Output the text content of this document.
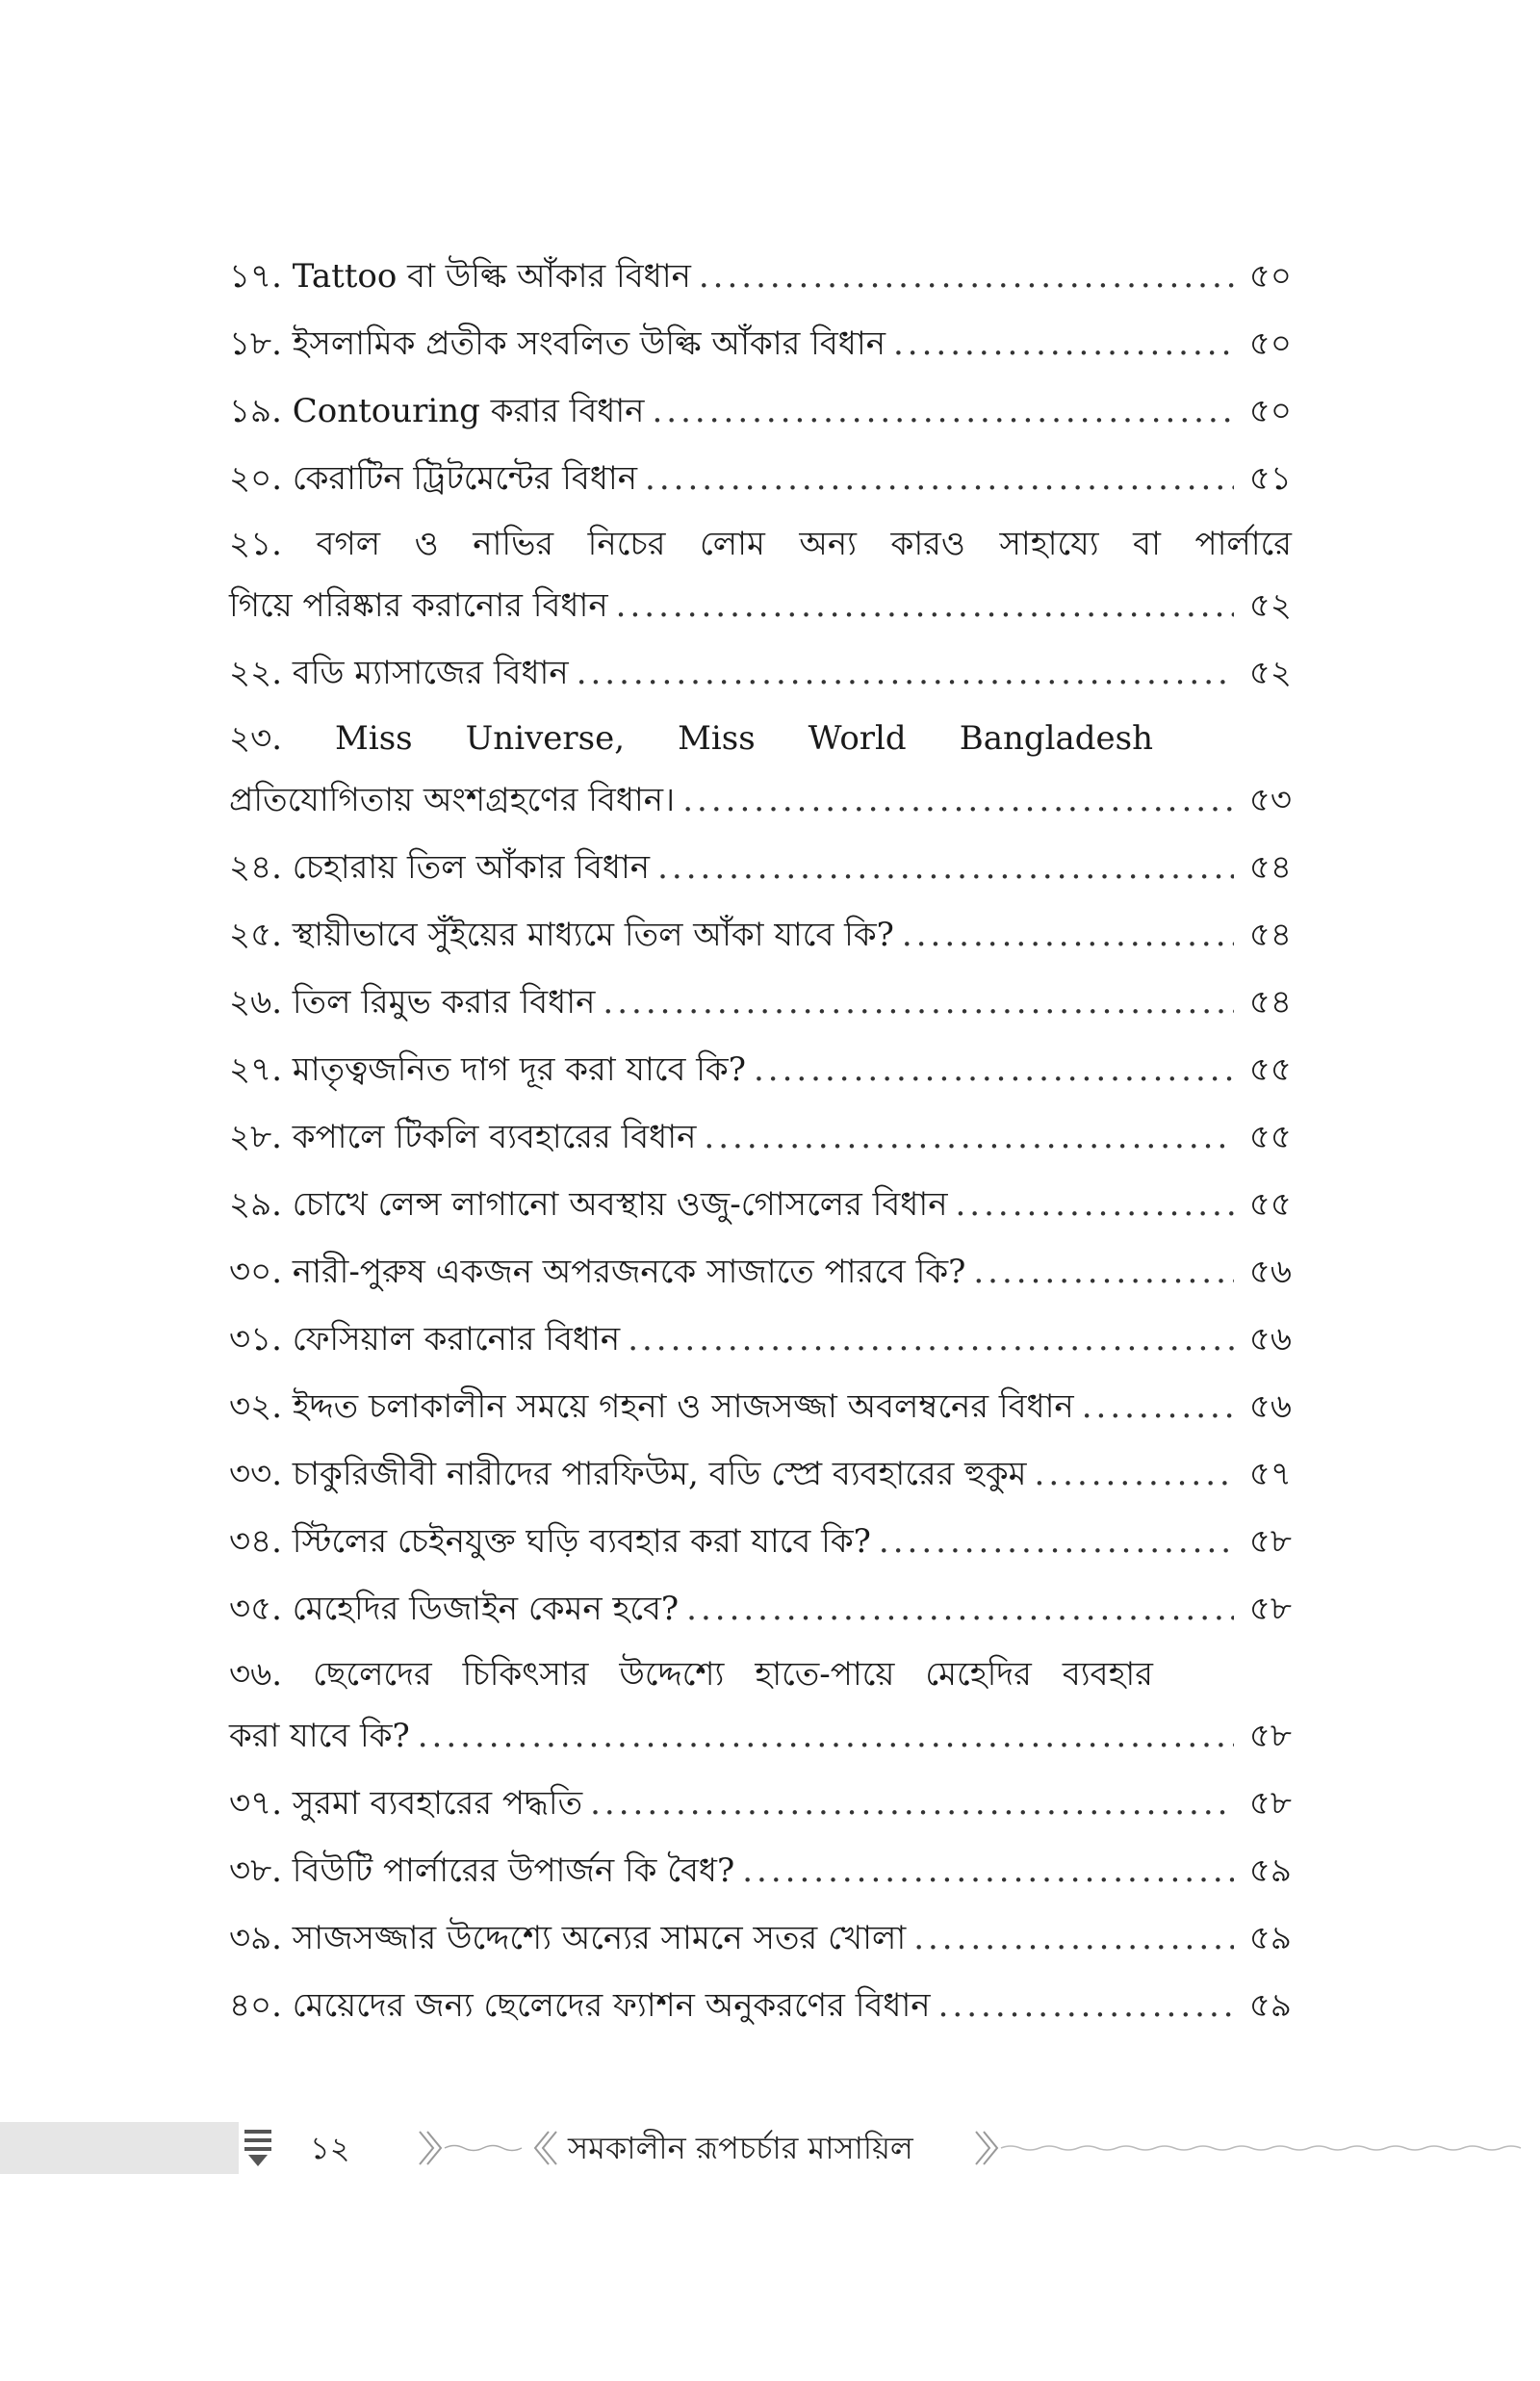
১৭. Tattoo বা উল্কি আঁকার বিধান .....	৫০
১৮. ইসলামিক প্রতীক সংবলিত উল্কি আঁকার বিধান .....	৫০
১৯. Contouring করার বিধান .....	৫০
২০. কেরাটিন ট্রিটমেন্টের বিধান .....	৫১
২১. বগল ও নাভির নিচের লোম অন্য কারও সাহায্যে বা পার্লারে
গিয়ে পরিষ্কার করানোর বিধান .....	৫২
২২. বডি ম্যাসাজের বিধান .....	৫২
২৩. Miss Universe, Miss World Bangladesh
প্রতিযোগিতায় অংশগ্রহণের বিধান। .....	৫৩
২৪. চেহারায় তিল আঁকার বিধান .....	৫৪
২৫. স্থায়ীভাবে সুঁইয়ের মাধ্যমে তিল আঁকা যাবে কি? .....	৫৪
২৬. তিল রিমুভ করার বিধান .....	৫৪
২৭. মাতৃত্বজনিত দাগ দূর করা যাবে কি? .....	৫৫
২৮. কপালে টিকলি ব্যবহারের বিধান .....	৫৫
২৯. চোখে লেন্স লাগানো অবস্থায় ওজু-গোসলের বিধান .....	৫৫
৩০. নারী-পুরুষ একজন অপরজনকে সাজাতে পারবে কি? .....	৫৬
৩১. ফেসিয়াল করানোর বিধান .....	৫৬
৩২. ইদ্দত চলাকালীন সময়ে গহনা ও সাজসজ্জা অবলম্বনের বিধান .....	৫৬
৩৩. চাকুরিজীবী নারীদের পারফিউম, বডি স্প্রে ব্যবহারের হুকুম .....	৫৭
৩৪. স্টিলের চেইনযুক্ত ঘড়ি ব্যবহার করা যাবে কি? .....	৫৮
৩৫. মেহেদির ডিজাইন কেমন হবে? .....	৫৮
৩৬. ছেলেদের চিকিৎসার উদ্দেশ্যে হাতে-পায়ে মেহেদির ব্যবহার
করা যাবে কি? .....	৫৮
৩৭. সুরমা ব্যবহারের পদ্ধতি .....	৫৮
৩৮. বিউটি পার্লারের উপার্জন কি বৈধ? .....	৫৯
৩৯. সাজসজ্জার উদ্দেশ্যে অন্যের সামনে সতর খোলা .....	৫৯
৪০. মেয়েদের জন্য ছেলেদের ফ্যাশন অনুকরণের বিধান .....	৫৯
১২	সমকালীন রূপচর্চার মাসায়িল
